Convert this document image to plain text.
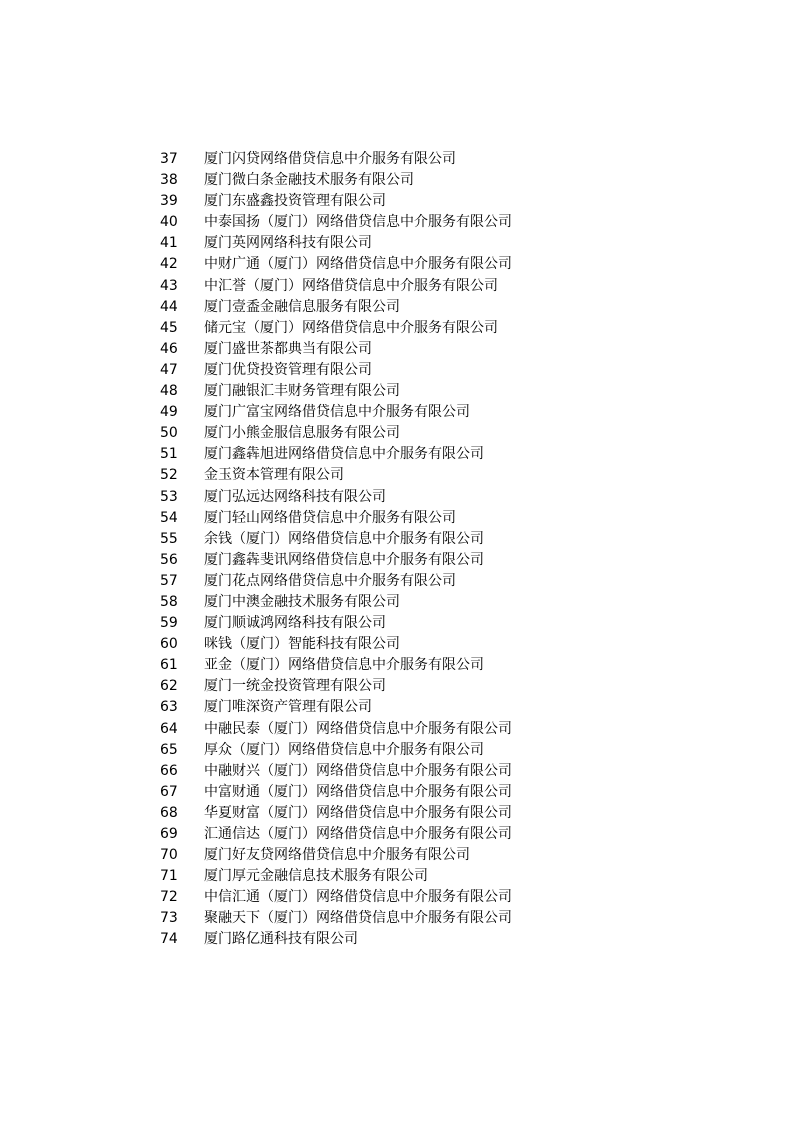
37	厦门闪贷网络借贷信息中介服务有限公司
38	厦门微白条金融技术服务有限公司
39	厦门东盛鑫投资管理有限公司
40	中泰国扬（厦门）网络借贷信息中介服务有限公司
41	厦门英网网络科技有限公司
42	中财广通（厦门）网络借贷信息中介服务有限公司
43	中汇誉（厦门）网络借贷信息中介服务有限公司
44	厦门壹盉金融信息服务有限公司
45	储元宝（厦门）网络借贷信息中介服务有限公司
46	厦门盛世茶都典当有限公司
47	厦门优贷投资管理有限公司
48	厦门融银汇丰财务管理有限公司
49	厦门广富宝网络借贷信息中介服务有限公司
50	厦门小熊金服信息服务有限公司
51	厦门鑫犇旭进网络借贷信息中介服务有限公司
52	金玉资本管理有限公司
53	厦门弘远达网络科技有限公司
54	厦门轻山网络借贷信息中介服务有限公司
55	余钱（厦门）网络借贷信息中介服务有限公司
56	厦门鑫犇斐讯网络借贷信息中介服务有限公司
57	厦门花点网络借贷信息中介服务有限公司
58	厦门中澳金融技术服务有限公司
59	厦门顺诚鸿网络科技有限公司
60	咪钱（厦门）智能科技有限公司
61	亚金（厦门）网络借贷信息中介服务有限公司
62	厦门一统金投资管理有限公司
63	厦门唯深资产管理有限公司
64	中融民泰（厦门）网络借贷信息中介服务有限公司
65	厚众（厦门）网络借贷信息中介服务有限公司
66	中融财兴（厦门）网络借贷信息中介服务有限公司
67	中富财通（厦门）网络借贷信息中介服务有限公司
68	华夏财富（厦门）网络借贷信息中介服务有限公司
69	汇通信达（厦门）网络借贷信息中介服务有限公司
70	厦门好友贷网络借贷信息中介服务有限公司
71	厦门厚元金融信息技术服务有限公司
72	中信汇通（厦门）网络借贷信息中介服务有限公司
73	聚融天下（厦门）网络借贷信息中介服务有限公司
74	厦门路亿通科技有限公司
